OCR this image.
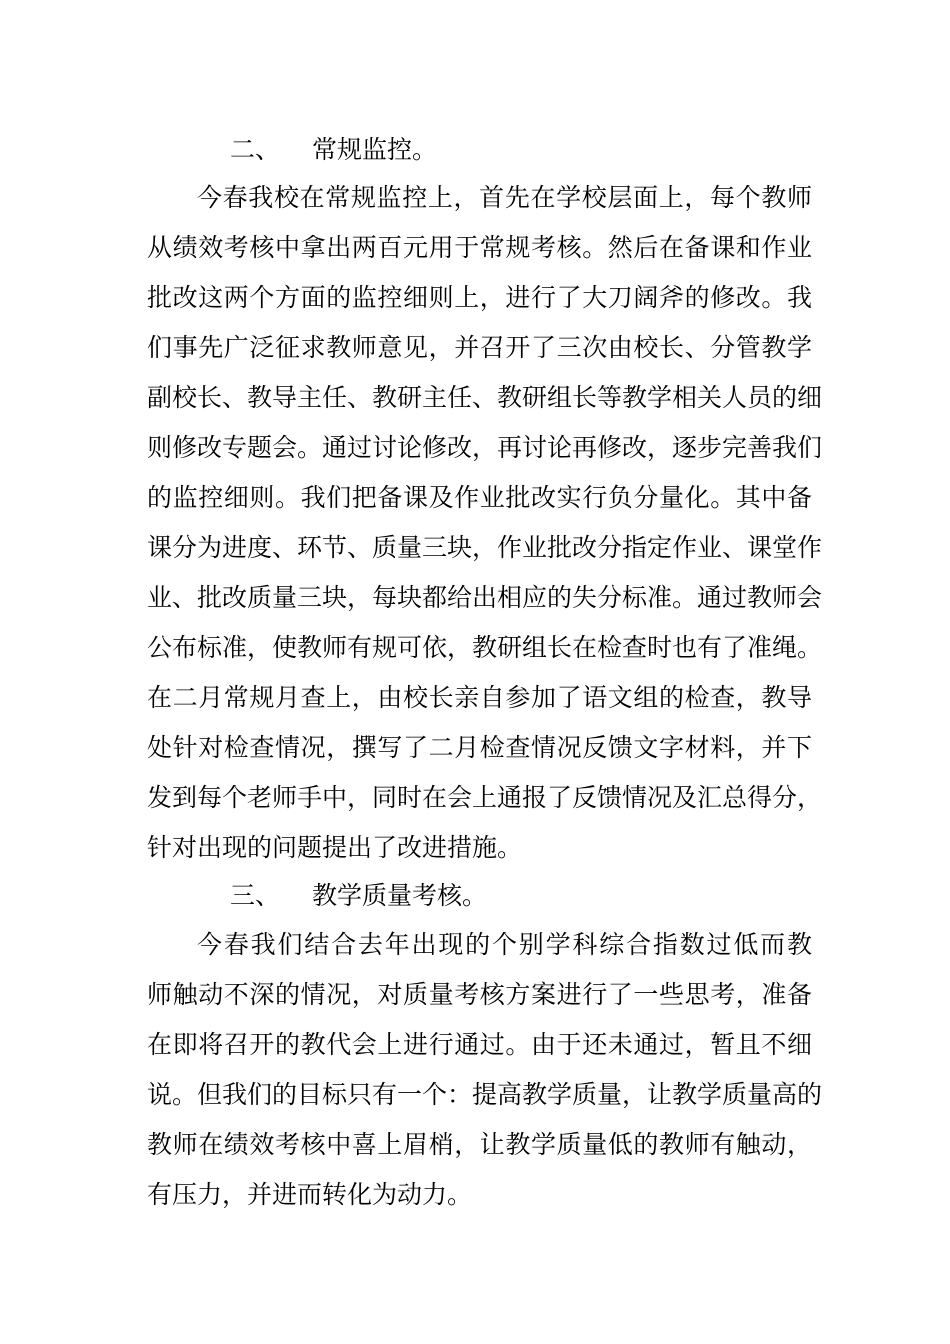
二、 常规监控。
今春我校在常规监控上，首先在学校层面上，每个教师
从绩效考核中拿出两百元用于常规考核。然后在备课和作业
批改这两个方面的监控细则上，进行了大刀阔斧的修改。我
们事先广泛征求教师意见，并召开了三次由校长、分管教学
副校长、教导主任、教研主任、教研组长等教学相关人员的细
则修改专题会。通过讨论修改，再讨论再修改，逐步完善我们
的监控细则。我们把备课及作业批改实行负分量化。其中备
课分为进度、环节、质量三块，作业批改分指定作业、课堂作
业、批改质量三块，每块都给出相应的失分标准。通过教师会
公布标准，使教师有规可依，教研组长在检查时也有了准绳。
在二月常规月查上，由校长亲自参加了语文组的检查，教导
处针对检查情况，撰写了二月检查情况反馈文字材料，并下
发到每个老师手中，同时在会上通报了反馈情况及汇总得分，
针对出现的问题提出了改进措施。
三、 教学质量考核。
今春我们结合去年出现的个别学科综合指数过低而教
师触动不深的情况，对质量考核方案进行了一些思考，准备
在即将召开的教代会上进行通过。由于还未通过，暂且不细
说。但我们的目标只有一个：提高教学质量，让教学质量高的
教师在绩效考核中喜上眉梢，让教学质量低的教师有触动，
有压力，并进而转化为动力。
